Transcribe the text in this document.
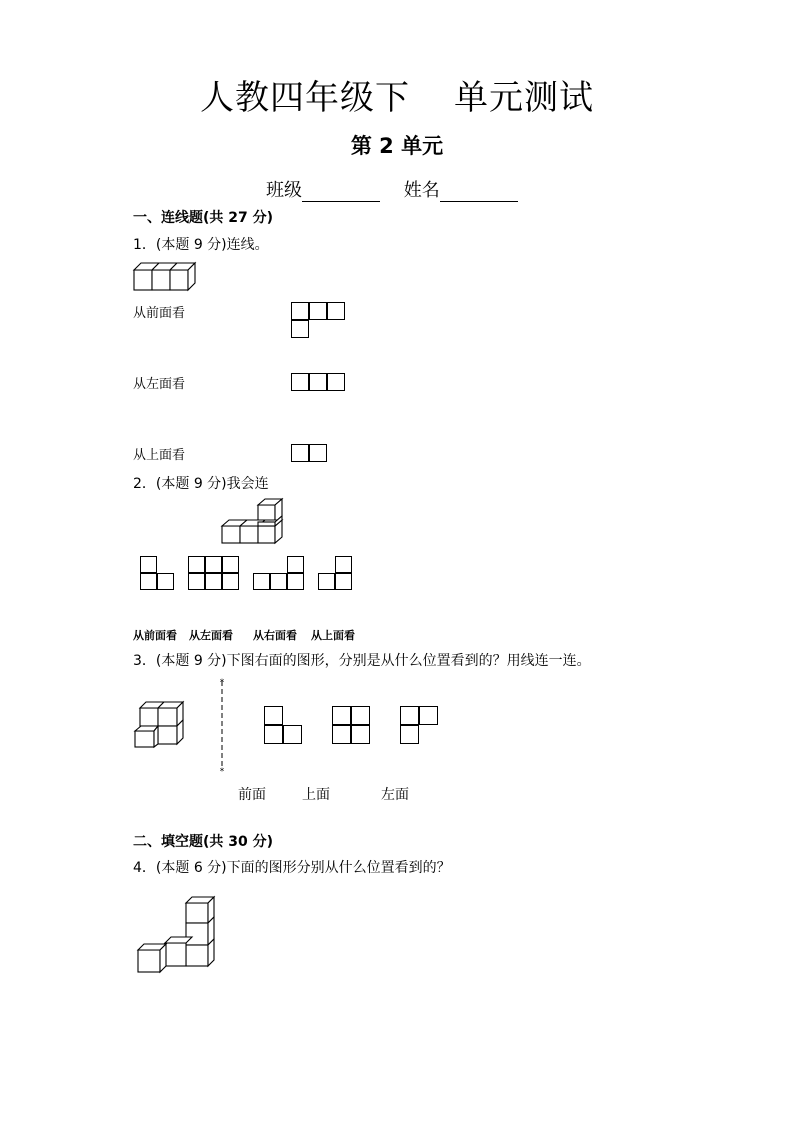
人教四年级下 单元测试
第 2 单元
班级	姓名
一、连线题(共 27 分)
1．(本题 9 分)连线。
从前面看
从左面看
从上面看
2．(本题 9 分)我会连
从前面看 从左面看 从右面看 从上面看
3．(本题 9 分)下图右面的图形，分别是从什么位置看到的？用线连一连。
*
*
前面	上面	左面
二、填空题(共 30 分)
4．(本题 6 分)下面的图形分别从什么位置看到的？
